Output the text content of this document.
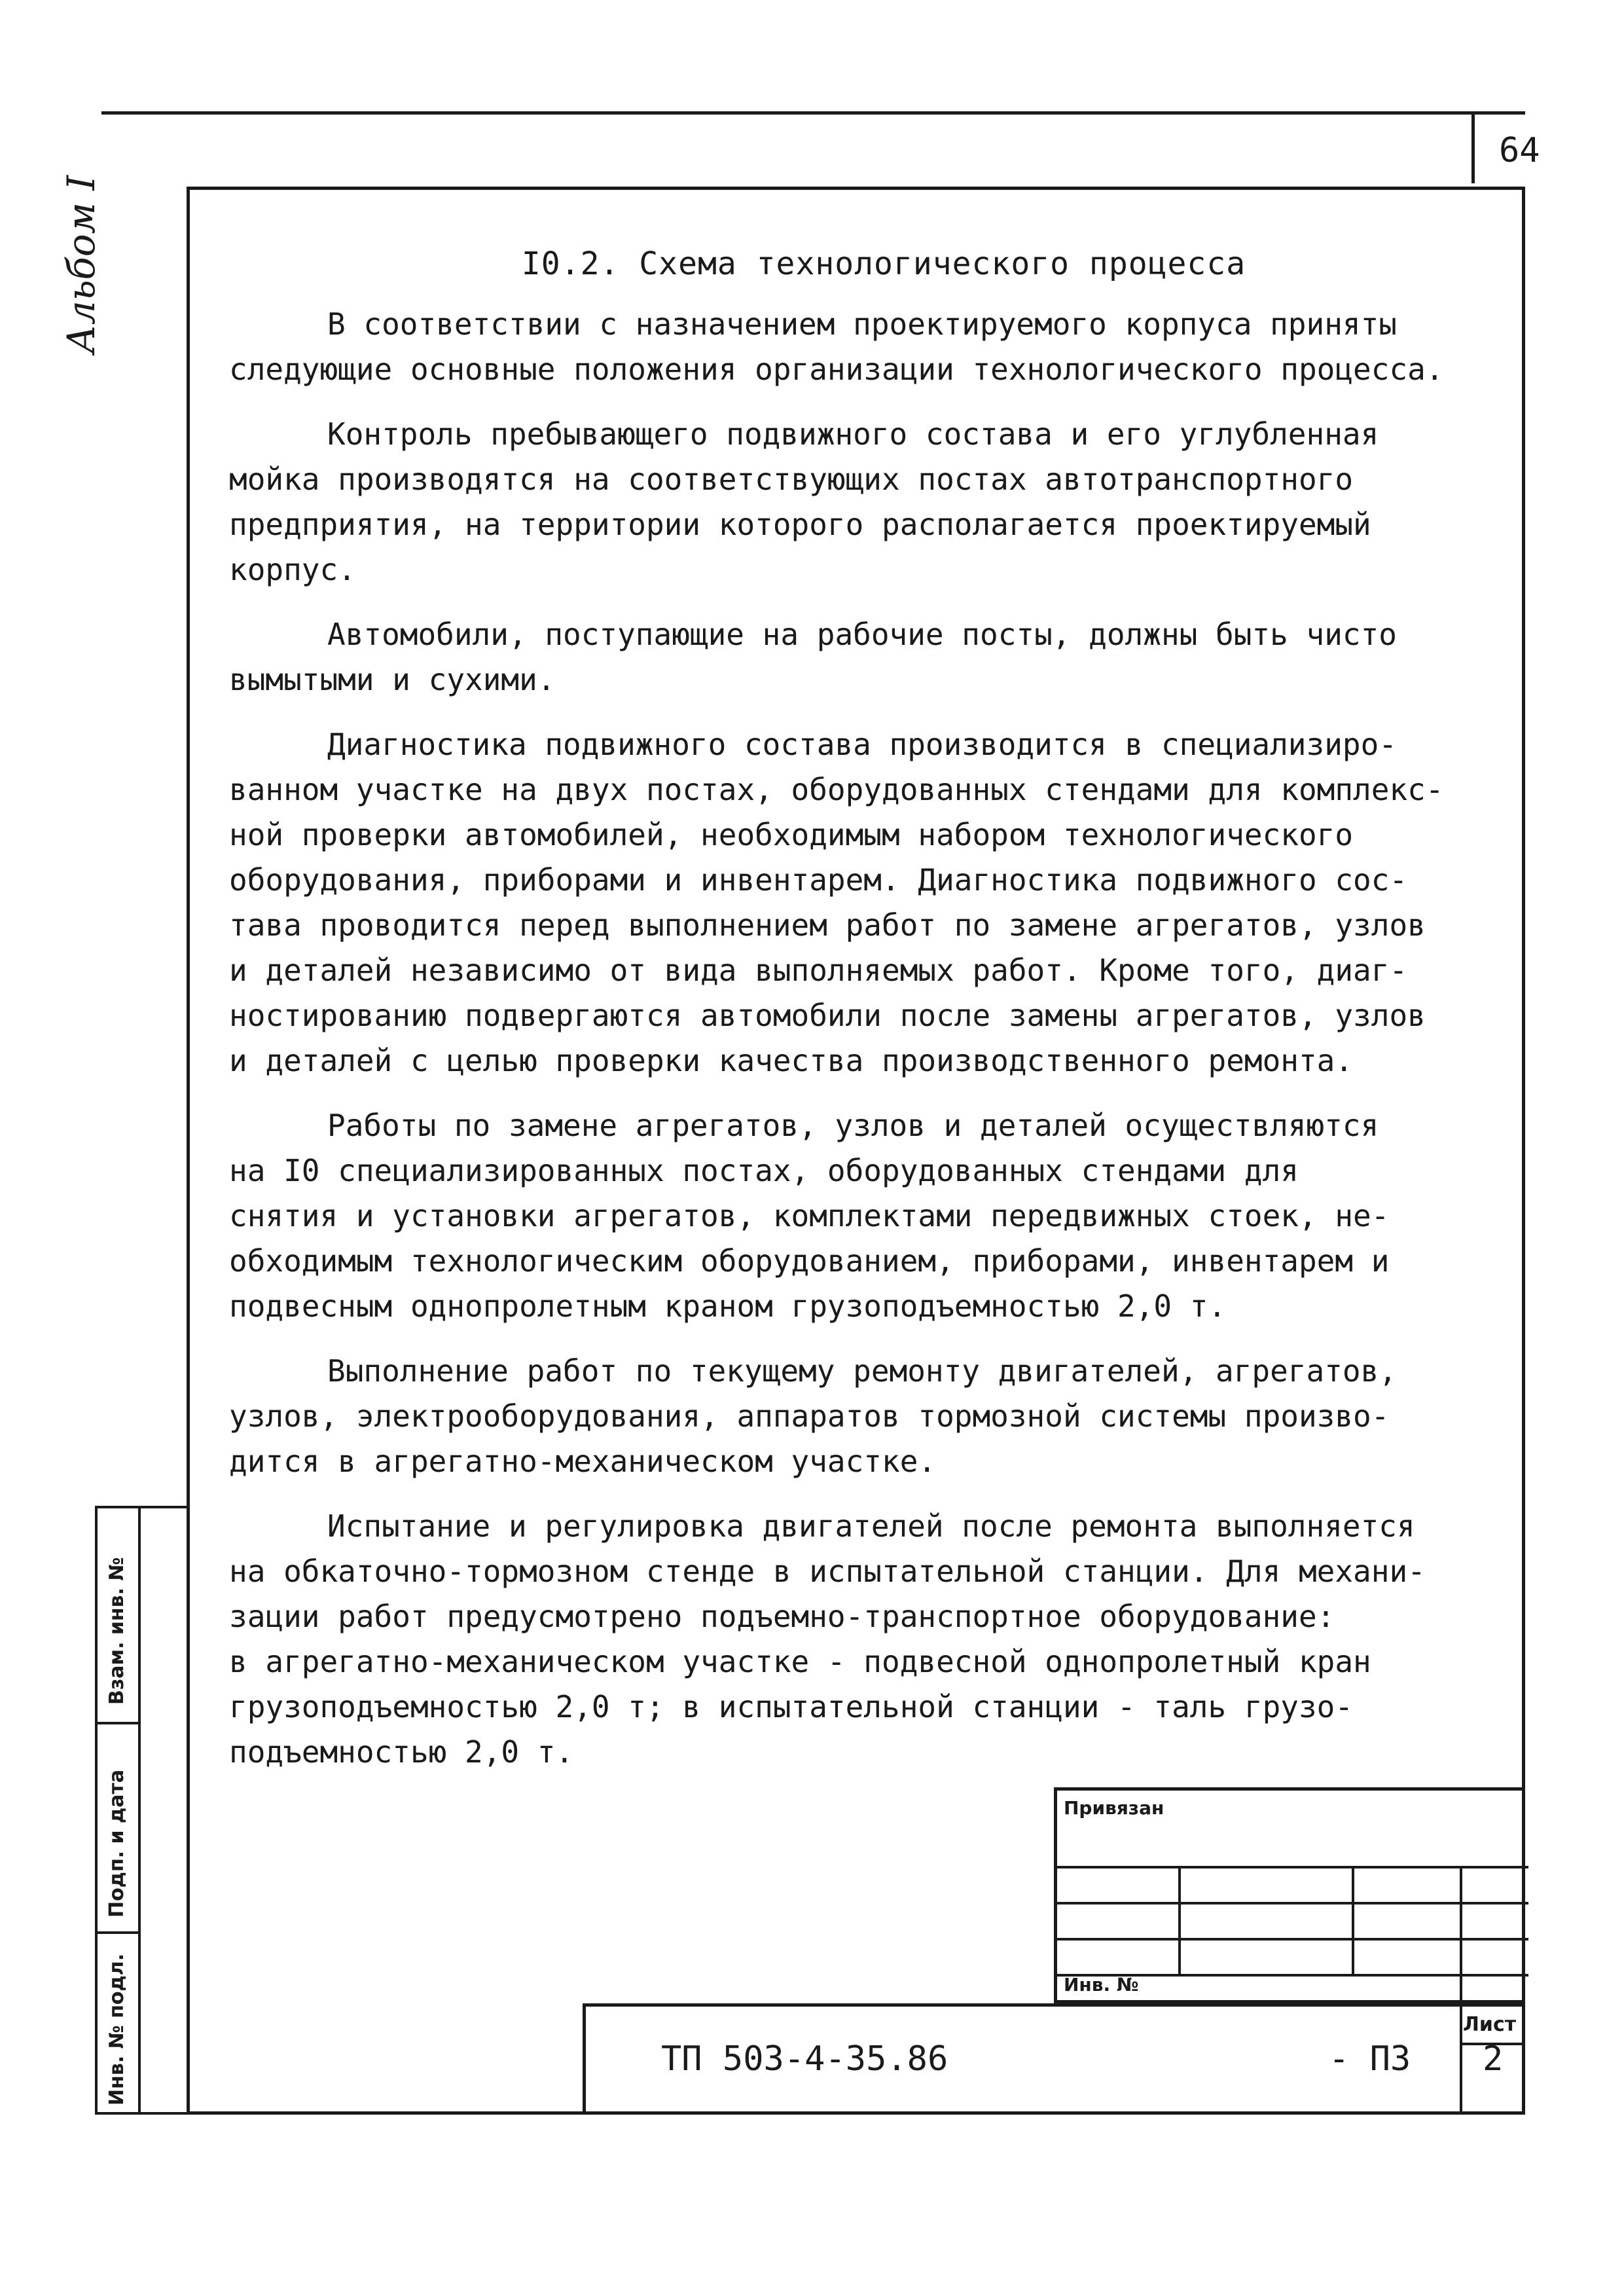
64
Альбом I	I0.2. Схема технологического процесса

В соответствии с назначением проектируемого корпуса приняты
следующие основные положения организации технологического процесса.

Контроль пребывающего подвижного состава и его углубленная
мойка производятся на соответствующих постах автотранспортного
предприятия, на территории которого располагается проектируемый
корпус.

Автомобили, поступающие на рабочие посты, должны быть чисто
вымытыми и сухими.

Диагностика подвижного состава производится в специализиро-
ванном участке на двух постах, оборудованных стендами для комплекс-
ной проверки автомобилей, необходимым набором технологического
оборудования, приборами и инвентарем. Диагностика подвижного сос-
тава проводится перед выполнением работ по замене агрегатов, узлов
и деталей независимо от вида выполняемых работ. Кроме того, диаг-
ностированию подвергаются автомобили после замены агрегатов, узлов
и деталей с целью проверки качества производственного ремонта.

Работы по замене агрегатов, узлов и деталей осуществляются
на I0 специализированных постах, оборудованных стендами для
снятия и установки агрегатов, комплектами передвижных стоек, не-
обходимым технологическим оборудованием, приборами, инвентарем и
подвесным однопролетным краном грузоподъемностью 2,0 т.

Выполнение работ по текущему ремонту двигателей, агрегатов,
узлов, электрооборудования, аппаратов тормозной системы произво-
дится в агрегатно-механическом участке.

Испытание и регулировка двигателей после ремонта выполняется
на обкаточно-тормозном стенде в испытательной станции. Для механи-
зации работ предусмотрено подъемно-транспортное оборудование:
в агрегатно-механическом участке - подвесной однопролетный кран
грузоподъемностью 2,0 т; в испытательной станции - таль грузо-
подъемностью 2,0 т.

Взам. инв. №
Подп. и дата
Инв. № подл.
Привязан
Инв. №
ТП 503-4-35.86	- ПЗ
Лист
2
